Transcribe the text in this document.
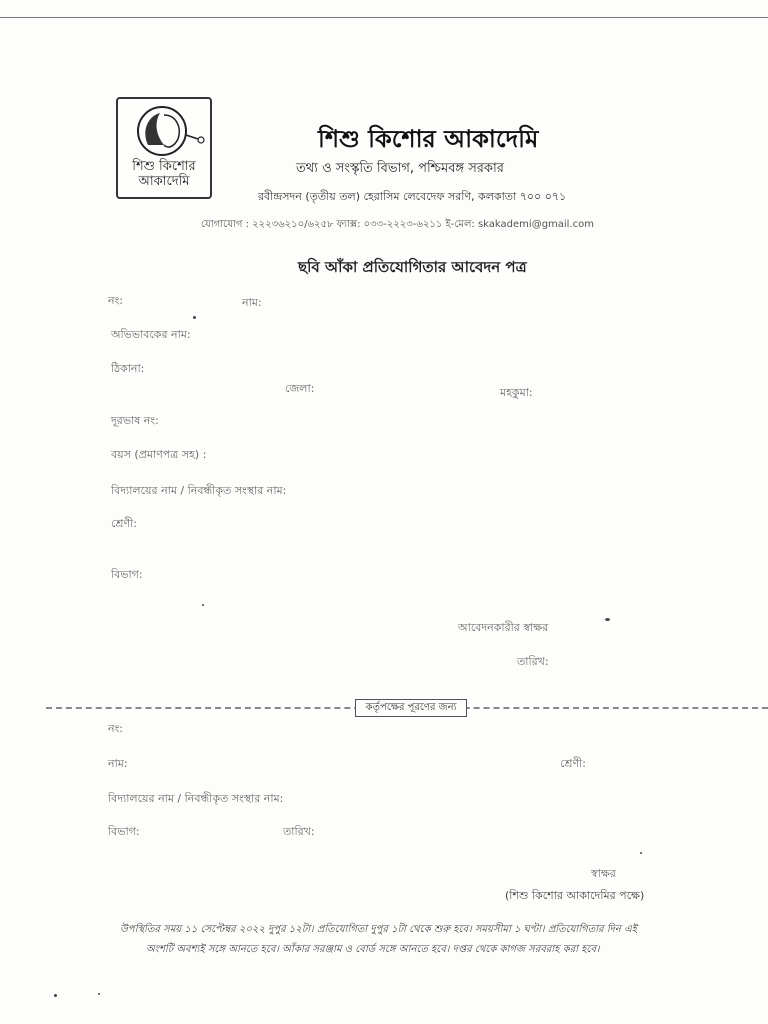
শিশু কিশোর আকাদেমি
শিশু কিশোর আকাদেমি
তথ্য ও সংস্কৃতি বিভাগ, পশ্চিমবঙ্গ সরকার
রবীন্দ্রসদন (তৃতীয় তল) হেরাসিম লেবেদেফ সরণি, কলকাতা ৭০০ ০৭১
যোগাযোগ : ২২২৩৬২১০/৬২৫৮ ফ্যাক্স: ০৩৩-২২২৩-৬২১১ ই-মেল: skakademi@gmail.com
ছবি আঁকা প্রতিযোগিতার আবেদন পত্র
নং:	নাম:
অভিভাবকের নাম:
ঠিকানা:
জেলা:	মহকুমা:
দূরভাষ নং:
বয়স (প্রমাণপত্র সহ) :
বিদ্যালয়ের নাম / নিবন্ধীকৃত সংস্থার নাম:
শ্রেণী:
বিভাগ:
আবেদনকারীর স্বাক্ষর
তারিখ:
কর্তৃপক্ষের পূরণের জন্য
নং:
নাম:	শ্রেণী:
বিদ্যালয়ের নাম / নিবন্ধীকৃত সংস্থার নাম:
বিভাগ:	তারিখ:
স্বাক্ষর
(শিশু কিশোর আকাদেমির পক্ষে)
উপস্থিতির সময় ১১ সেপ্টেম্বর ২০২২ দুপুর ১২টা। প্রতিযোগিতা দুপুর ১টা থেকে শুরু হবে। সময়সীমা ১ ঘণ্টা। প্রতিযোগিতার দিন এই
অংশটি অবশ্যই সঙ্গে আনতে হবে। আঁকার সরঞ্জাম ও বোর্ড সঙ্গে আনতে হবে। দপ্তর থেকে কাগজ সরবরাহ করা হবে।
